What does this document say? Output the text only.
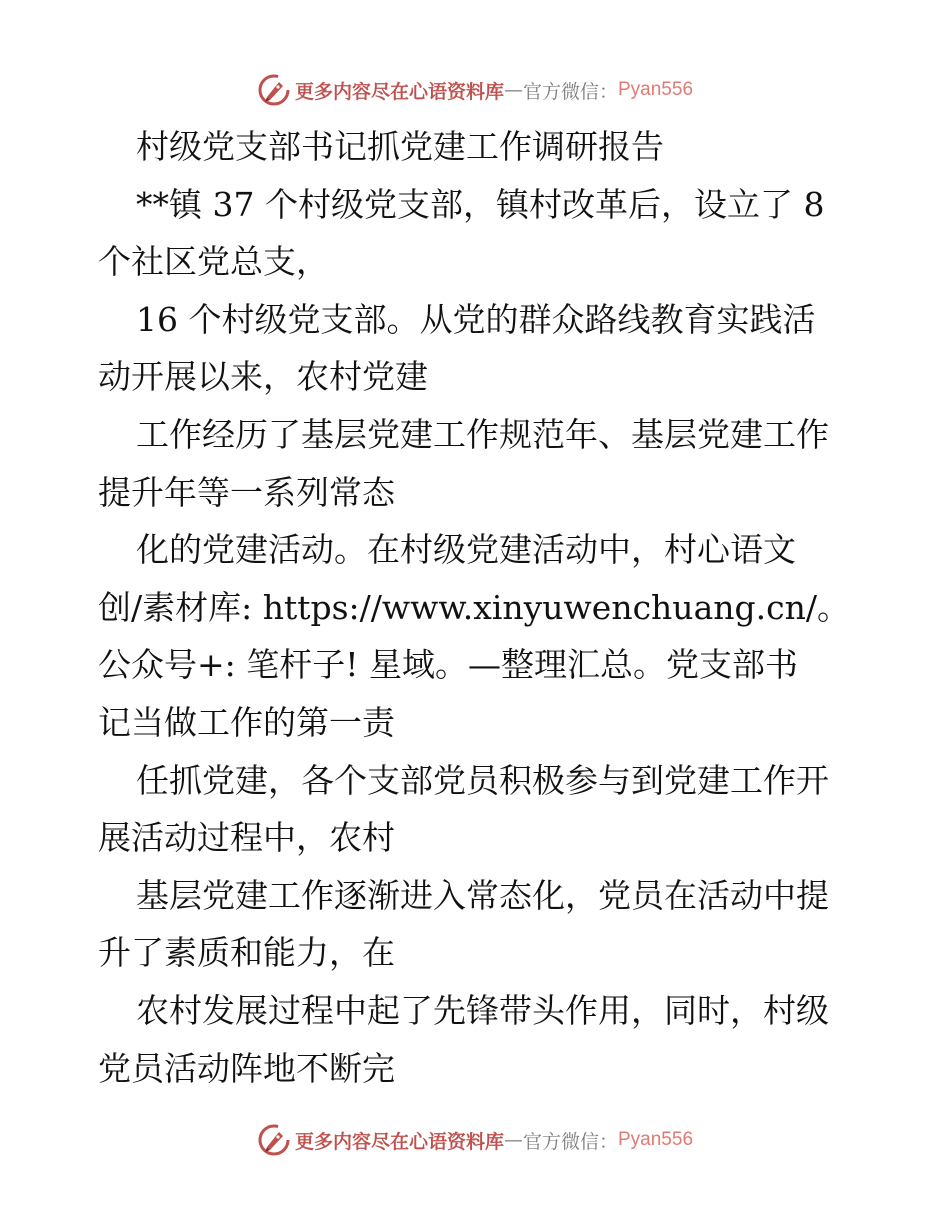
更多内容尽在心语资料库 — 官方微信： Pyan556
村级党支部书记抓党建工作调研报告
**镇 37 个村级党支部，镇村改革后，设立了 8
个社区党总支，
16 个村级党支部。从党的群众路线教育实践活
动开展以来，农村党建
工作经历了基层党建工作规范年、基层党建工作
提升年等一系列常态
化的党建活动。在村级党建活动中，村心语文
创/素材库: https://www.xinyuwenchuang.cn/。
公众号+: 笔杆子! 星域。—整理汇总。党支部书
记当做工作的第一责
任抓党建，各个支部党员积极参与到党建工作开
展活动过程中，农村
基层党建工作逐渐进入常态化，党员在活动中提
升了素质和能力，在
农村发展过程中起了先锋带头作用，同时，村级
党员活动阵地不断完
更多内容尽在心语资料库 — 官方微信： Pyan556
